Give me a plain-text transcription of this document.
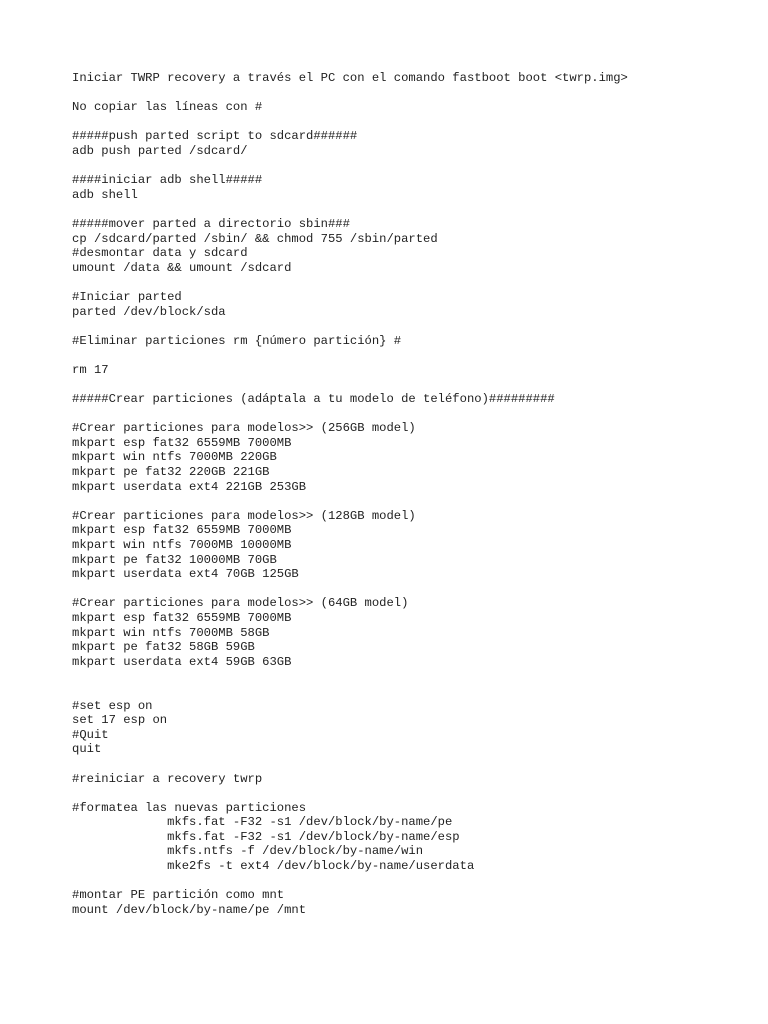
Iniciar TWRP recovery a través el PC con el comando fastboot boot <twrp.img>
No copiar las líneas con #
#####push parted script to sdcard######
adb push parted /sdcard/
####iniciar adb shell#####
adb shell
#####mover parted a directorio sbin###
cp /sdcard/parted /sbin/ && chmod 755 /sbin/parted
#desmontar data y sdcard
umount /data && umount /sdcard
#Iniciar parted
parted /dev/block/sda
#Eliminar particiones rm {número partición} #
rm 17
#####Crear particiones (adáptala a tu modelo de teléfono)#########
#Crear particiones para modelos>> (256GB model)
mkpart esp fat32 6559MB 7000MB
mkpart win ntfs 7000MB 220GB
mkpart pe fat32 220GB 221GB
mkpart userdata ext4 221GB 253GB
#Crear particiones para modelos>> (128GB model)
mkpart esp fat32 6559MB 7000MB
mkpart win ntfs 7000MB 10000MB
mkpart pe fat32 10000MB 70GB
mkpart userdata ext4 70GB 125GB
#Crear particiones para modelos>> (64GB model)
mkpart esp fat32 6559MB 7000MB
mkpart win ntfs 7000MB 58GB
mkpart pe fat32 58GB 59GB
mkpart userdata ext4 59GB 63GB
#set esp on
set 17 esp on
#Quit
quit
#reiniciar a recovery twrp
#formatea las nuevas particiones
mkfs.fat -F32 -s1 /dev/block/by-name/pe
mkfs.fat -F32 -s1 /dev/block/by-name/esp
mkfs.ntfs -f /dev/block/by-name/win
mke2fs -t ext4 /dev/block/by-name/userdata
#montar PE partición como mnt
mount /dev/block/by-name/pe /mnt
